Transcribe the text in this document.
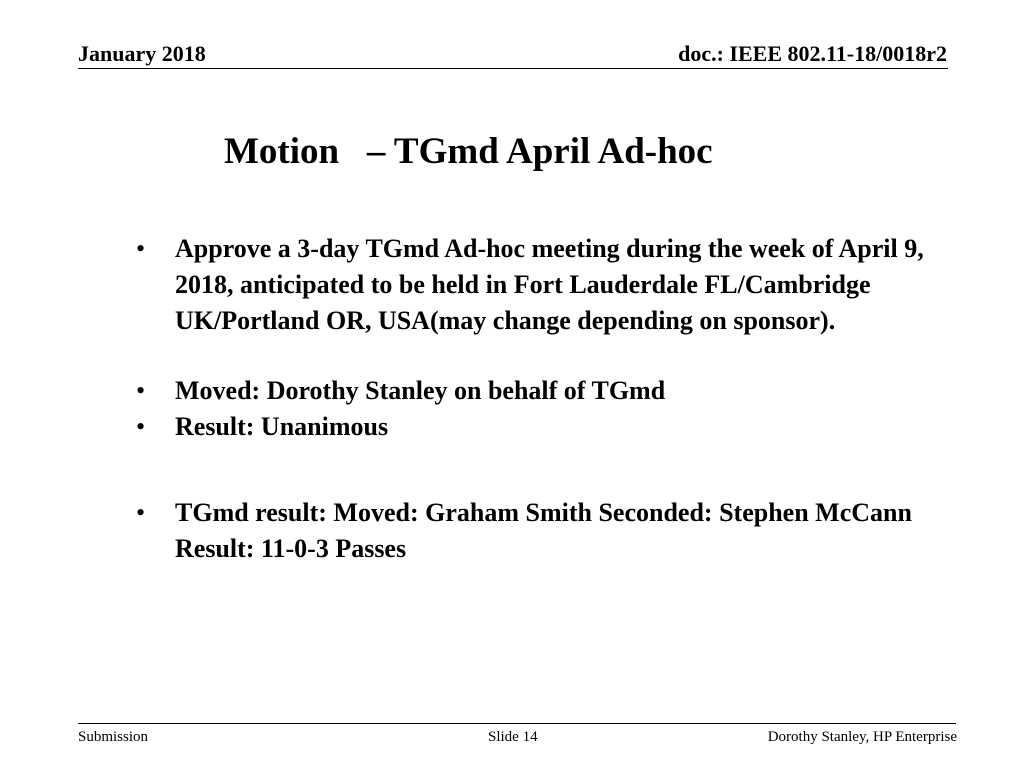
January 2018	doc.: IEEE 802.11-18/0018r2
Motion   – TGmd April Ad-hoc
• Approve a 3-day TGmd Ad-hoc meeting during the week of April 9, 2018, anticipated to be held in Fort Lauderdale FL/Cambridge UK/Portland OR, USA(may change depending on sponsor).
• Moved: Dorothy Stanley on behalf of TGmd
• Result: Unanimous
• TGmd result: Moved: Graham Smith Seconded: Stephen McCann Result: 11-0-3 Passes
Submission	Slide 14	Dorothy Stanley, HP Enterprise
